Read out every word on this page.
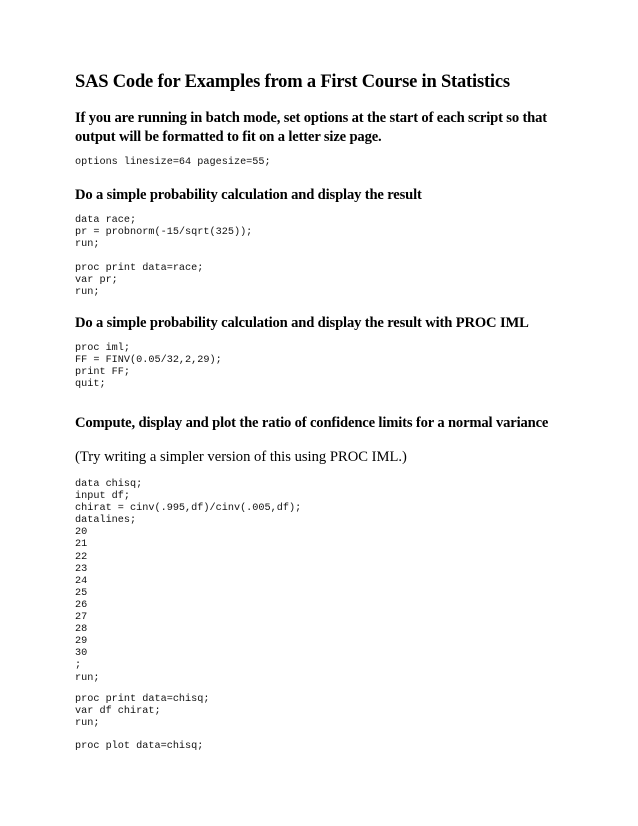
SAS Code for Examples from a First Course in Statistics
If you are running in batch mode, set options at the start of each script so that output will be formatted to fit on a letter size page.
options linesize=64 pagesize=55;
Do a simple probability calculation and display the result
data race;
pr = probnorm(-15/sqrt(325));
run;
proc print data=race;
var pr;
run;
Do a simple probability calculation and display the result with PROC IML
proc iml;
FF = FINV(0.05/32,2,29);
print FF;
quit;
Compute, display and plot the ratio of confidence limits for a normal variance
(Try writing a simpler version of this using PROC IML.)
data chisq;
input df;
chirat = cinv(.995,df)/cinv(.005,df);
datalines;
20
21
22
23
24
25
26
27
28
29
30
;
run;
proc print data=chisq;
var df chirat;
run;
proc plot data=chisq;
